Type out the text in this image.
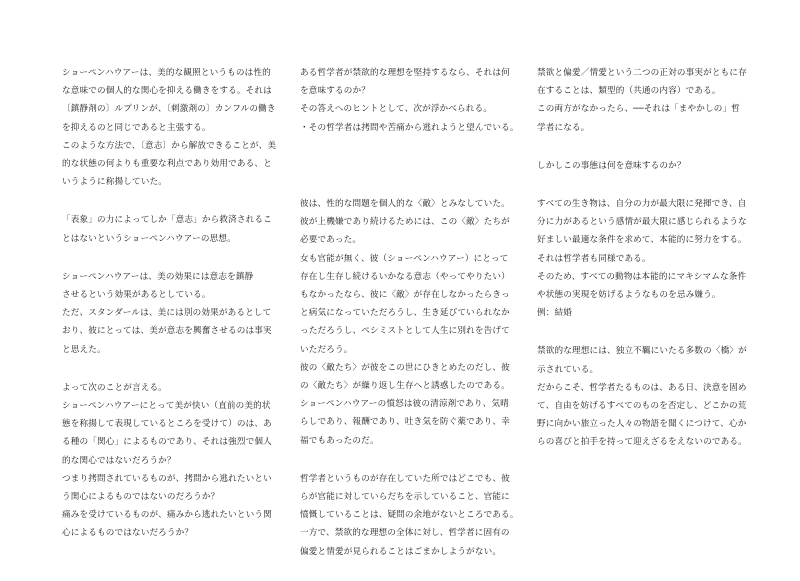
ショーペンハウアーは、美的な観照というものは性的
な意味での個人的な関心を抑える働きをする。それは
〔鎮静剤の〕ルプリンが、〔刺激剤の〕カンフルの働き
を抑えるのと同じであると主張する。
このような方法で、〔意志〕から解放できることが、美
的な状態の何よりも重要な利点であり効用である、と
いうように称揚していた。
「表象」の力によってしか「意志」から救済されるこ
とはないというショーペンハウアーの思想。
ショーペンハウアーは、美の効果には意志を鎮静
させるという効果があるとしている。
ただ、スタンダールは、美には別の効果があるとして
おり、彼にとっては、美が意志を興奮させるのは事実
と思えた。
よって次のことが言える。
ショーペンハウアーにとって美が快い（直前の美的状
態を称揚して表現しているところを受けて）のは、あ
る種の「関心」によるものであり、それは強烈で個人
的な関心ではないだろうか？
つまり拷問されているものが、拷問から逃れたいとい
う関心によるものではないのだろうか？
痛みを受けているものが、痛みから逃れたいという関
心によるものではないだろうか？
ある哲学者が禁欲的な理想を堅持するなら、それは何
を意味するのか？
その答えへのヒントとして、次が浮かべられる。
・その哲学者は拷問や苦痛から逃れようと望んでいる。

彼は、性的な問題を個人的な〈敵〉とみなしていた。
彼が上機嫌であり続けるためには、この〈敵〉たちが
必要であった。
女も官能が無く、彼（ショーペンハウアー）にとって
存在し生存し続けるいかなる意志（やってやりたい）
もなかったなら、彼に〈敵〉が存在しなかったらきっ
と病気になっていただろうし、生き延びていられなか
っただろうし、ペシミストとして人生に別れを告げて
いただろう。
彼の〈敵たち〉が彼をこの世にひきとめたのだし、彼
の〈敵たち〉が繰り返し生存へと誘惑したのである。
ショーペンハウアーの憤怒は彼の清涼剤であり、気晴
らしであり、報酬であり、吐き気を防ぐ薬であり、幸
福でもあったのだ。
哲学者というものが存在していた所ではどこでも、彼
らが官能に対していらだちを示していること、官能に
憤慨していることは、疑問の余地がないところである。
一方で、禁欲的な理想の全体に対し、哲学者に固有の
偏愛と情愛が見られることはごまかしようがない。
禁欲と偏愛／情愛という二つの正対の事実がともに存
在することは、類型的（共通の内容）である。
この両方がなかったら、──それは「まやかしの」哲
学者になる。
しかしこの事態は何を意味するのか？
すべての生き物は、自分の力が最大限に発揮でき、自
分に力があるという感情が最大限に感じられるような
好ましい最適な条件を求めて、本能的に努力をする。
それは哲学者も同様である。
そのため、すべての動物は本能的にマキシマムな条件
や状態の実現を妨げるようなものを忌み嫌う。
例：結婚
禁欲的な理想には、独立不羈にいたる多数の〈橋〉が
示されている。
だからこそ、哲学者たるものは、ある日、決意を固め
て、自由を妨げるすべてのものを否定し、どこかの荒
野に向かい旅立った人々の物語を聞くにつけて、心か
らの喜びと拍手を持って迎えざるをえないのである。
